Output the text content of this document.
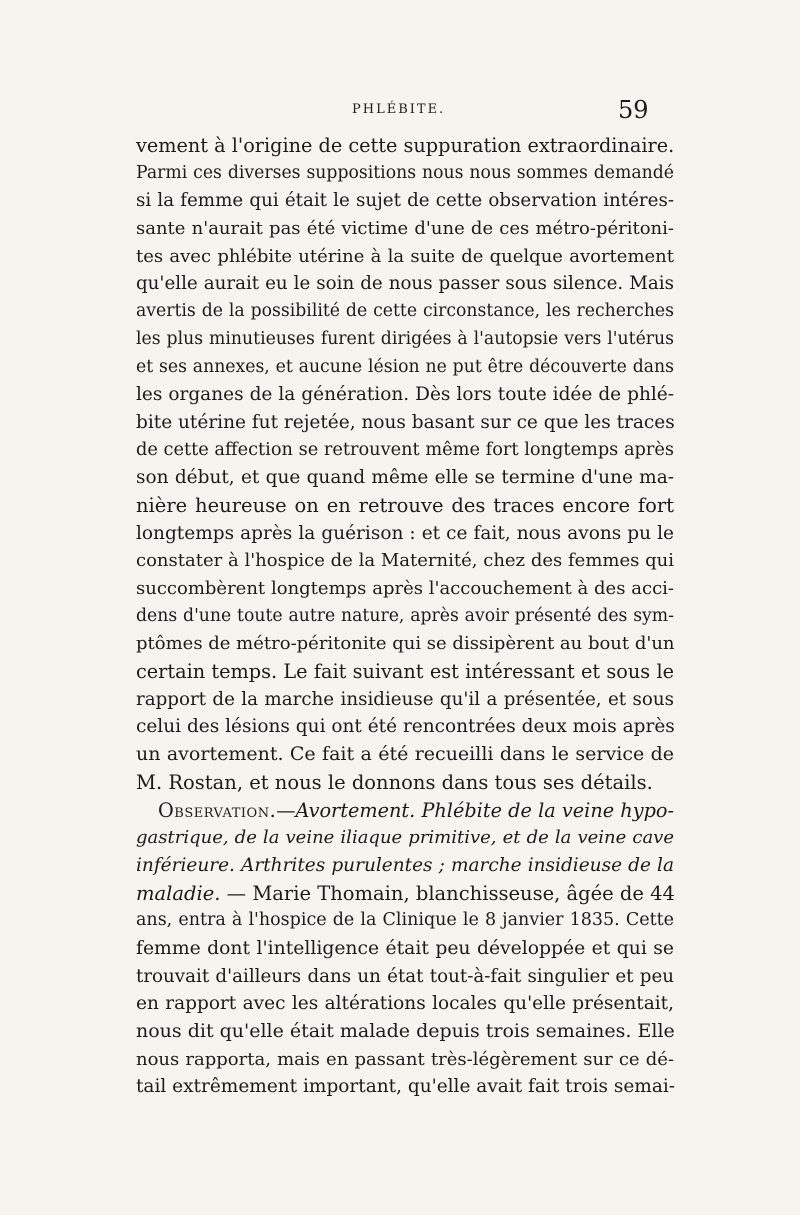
PHLÉBITE.	59
vement à l'origine de cette suppuration extraordinaire.
Parmi ces diverses suppositions nous nous sommes demandé
si la femme qui était le sujet de cette observation intéres-
sante n'aurait pas été victime d'une de ces métro-péritoni-
tes avec phlébite utérine à la suite de quelque avortement
qu'elle aurait eu le soin de nous passer sous silence. Mais
avertis de la possibilité de cette circonstance, les recherches
les plus minutieuses furent dirigées à l'autopsie vers l'utérus
et ses annexes, et aucune lésion ne put être découverte dans
les organes de la génération. Dès lors toute idée de phlé-
bite utérine fut rejetée, nous basant sur ce que les traces
de cette affection se retrouvent même fort longtemps après
son début, et que quand même elle se termine d'une ma-
nière heureuse on en retrouve des traces encore fort
longtemps après la guérison : et ce fait, nous avons pu le
constater à l'hospice de la Maternité, chez des femmes qui
succombèrent longtemps après l'accouchement à des acci-
dens d'une toute autre nature, après avoir présenté des sym-
ptômes de métro-péritonite qui se dissipèrent au bout d'un
certain temps. Le fait suivant est intéressant et sous le
rapport de la marche insidieuse qu'il a présentée, et sous
celui des lésions qui ont été rencontrées deux mois après
un avortement. Ce fait a été recueilli dans le service de
M. Rostan, et nous le donnons dans tous ses détails.
Observation.—Avortement. Phlébite de la veine hypo-
gastrique, de la veine iliaque primitive, et de la veine cave
inférieure. Arthrites purulentes ; marche insidieuse de la
maladie. — Marie Thomain, blanchisseuse, âgée de 44
ans, entra à l'hospice de la Clinique le 8 janvier 1835. Cette
femme dont l'intelligence était peu développée et qui se
trouvait d'ailleurs dans un état tout-à-fait singulier et peu
en rapport avec les altérations locales qu'elle présentait,
nous dit qu'elle était malade depuis trois semaines. Elle
nous rapporta, mais en passant très-légèrement sur ce dé-
tail extrêmement important, qu'elle avait fait trois semai-
